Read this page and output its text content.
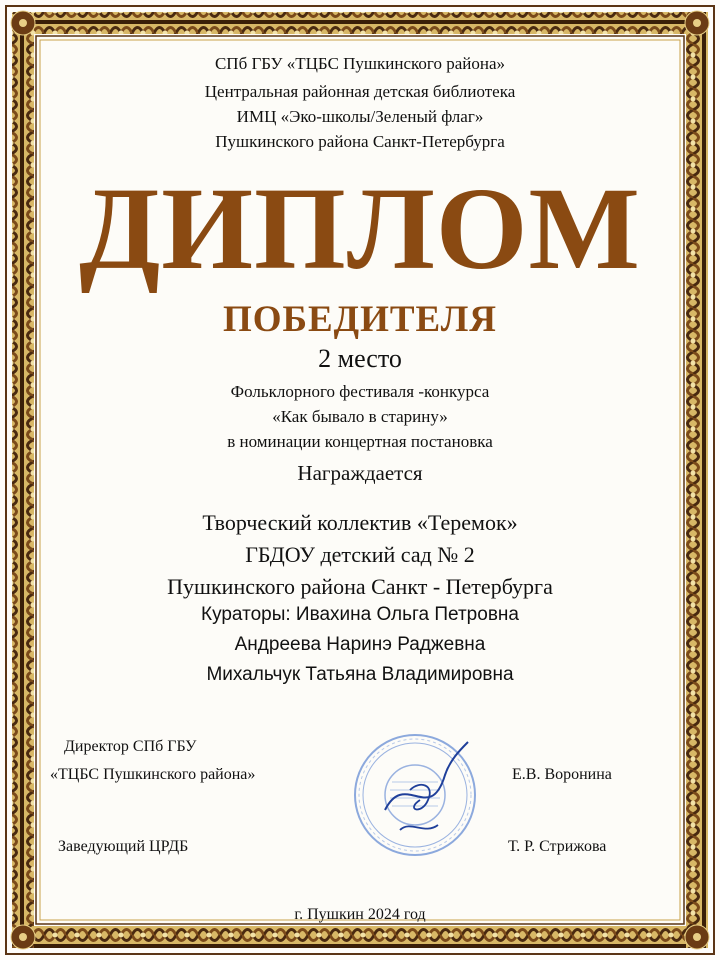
СПб ГБУ «ТЦБС Пушкинского района»
Центральная районная детская библиотека
ИМЦ «Эко-школы/Зеленый флаг»
Пушкинского района Санкт-Петербурга
ДИПЛОМ
ПОБЕДИТЕЛЯ
2 место
Фольклорного фестиваля -конкурса
«Как бывало в старину»
в номинации концертная постановка
Награждается
Творческий коллектив «Теремок»
ГБДОУ детский сад № 2
Пушкинского района Санкт - Петербурга
Кураторы: Ивахина Ольга Петровна
Андреева Наринэ Раджевна
Михальчук Татьяна Владимировна
Директор СПб ГБУ
«ТЦБС Пушкинского района»	Е.В. Воронина
Заведующий ЦРДБ	Т. Р. Стрижова
г. Пушкин 2024 год
